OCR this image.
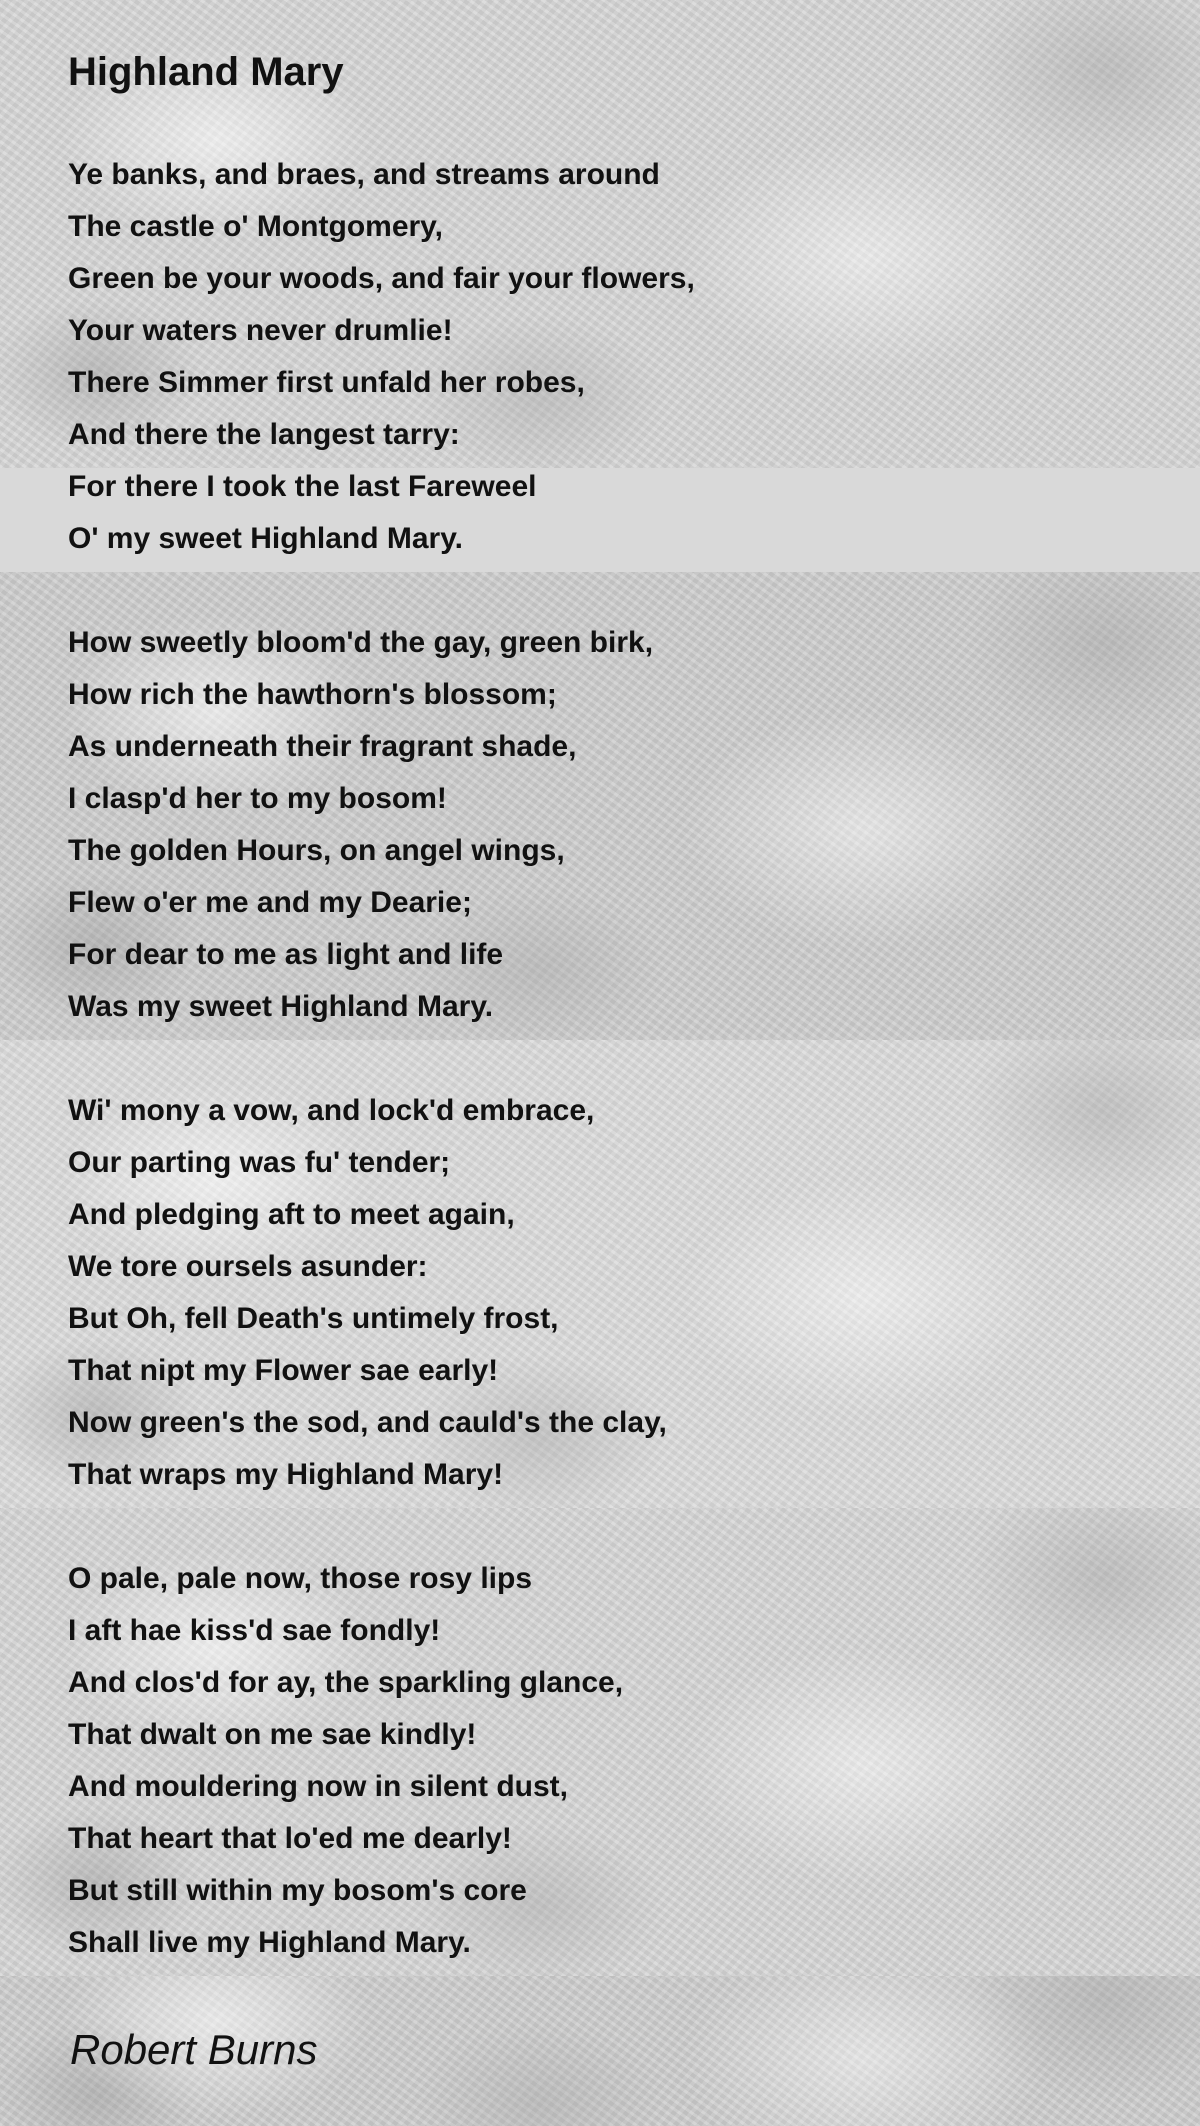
Highland Mary
Ye banks, and braes, and streams around
The castle o' Montgomery,
Green be your woods, and fair your flowers,
Your waters never drumlie!
There Simmer first unfald her robes,
And there the langest tarry:
For there I took the last Fareweel
O' my sweet Highland Mary.
How sweetly bloom'd the gay, green birk,
How rich the hawthorn's blossom;
As underneath their fragrant shade,
I clasp'd her to my bosom!
The golden Hours, on angel wings,
Flew o'er me and my Dearie;
For dear to me as light and life
Was my sweet Highland Mary.
Wi' mony a vow, and lock'd embrace,
Our parting was fu' tender;
And pledging aft to meet again,
We tore oursels asunder:
But Oh, fell Death's untimely frost,
That nipt my Flower sae early!
Now green's the sod, and cauld's the clay,
That wraps my Highland Mary!
O pale, pale now, those rosy lips
I aft hae kiss'd sae fondly!
And clos'd for ay, the sparkling glance,
That dwalt on me sae kindly!
And mouldering now in silent dust,
That heart that lo'ed me dearly!
But still within my bosom's core
Shall live my Highland Mary.
Robert Burns
